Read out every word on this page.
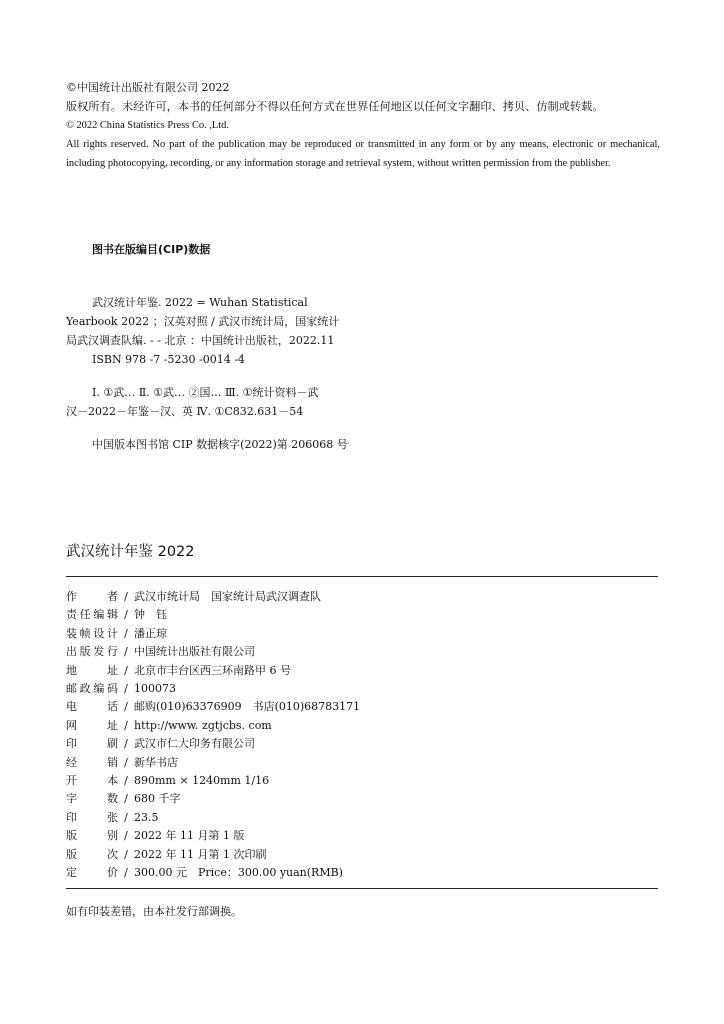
©中国统计出版社有限公司 2022
版权所有。未经许可，本书的任何部分不得以任何方式在世界任何地区以任何文字翻印、拷贝、仿制或转载。
© 2022 China Statistics Press Co. ,Ltd.
All rights reserved. No part of the publication may be reproduced or transmitted in any form or by any means, electronic or mechanical, including photocopying, recording, or any information storage and retrieval system, without written permission from the publisher.
图书在版编目(CIP)数据
武汉统计年鉴. 2022 = Wuhan Statistical
Yearbook 2022 ；汉英对照 / 武汉市统计局，国家统计
局武汉调查队编. - - 北京 ：中国统计出版社，2022.11
ISBN 978 -7 -5230 -0014 -4
Ⅰ. ①武… Ⅱ. ①武… ②国… Ⅲ. ①统计资料－武
汉－2022－年鉴－汉、英 Ⅳ. ①C832.631－54
中国版本图书馆 CIP 数据核字(2022)第 206068 号
武汉统计年鉴 2022
作	者 / 武汉市统计局　国家统计局武汉调查队
责 任 编 辑 / 钟　钰
装 帧 设 计 / 潘正琼
出 版 发 行 / 中国统计出版社有限公司
地	址 / 北京市丰台区西三环南路甲 6 号
邮 政 编 码 / 100073
电	话 / 邮购(010)63376909　书店(010)68783171
网	址 / http://www. zgtjcbs. com
印	刷 / 武汉市仁大印务有限公司
经	销 / 新华书店
开	本 / 890mm × 1240mm 1/16
字	数 / 680 千字
印	张 / 23.5
版	别 / 2022 年 11 月第 1 版
版	次 / 2022 年 11 月第 1 次印刷
定	价 / 300.00 元　Price：300.00 yuan(RMB)
如有印装差错，由本社发行部调换。
